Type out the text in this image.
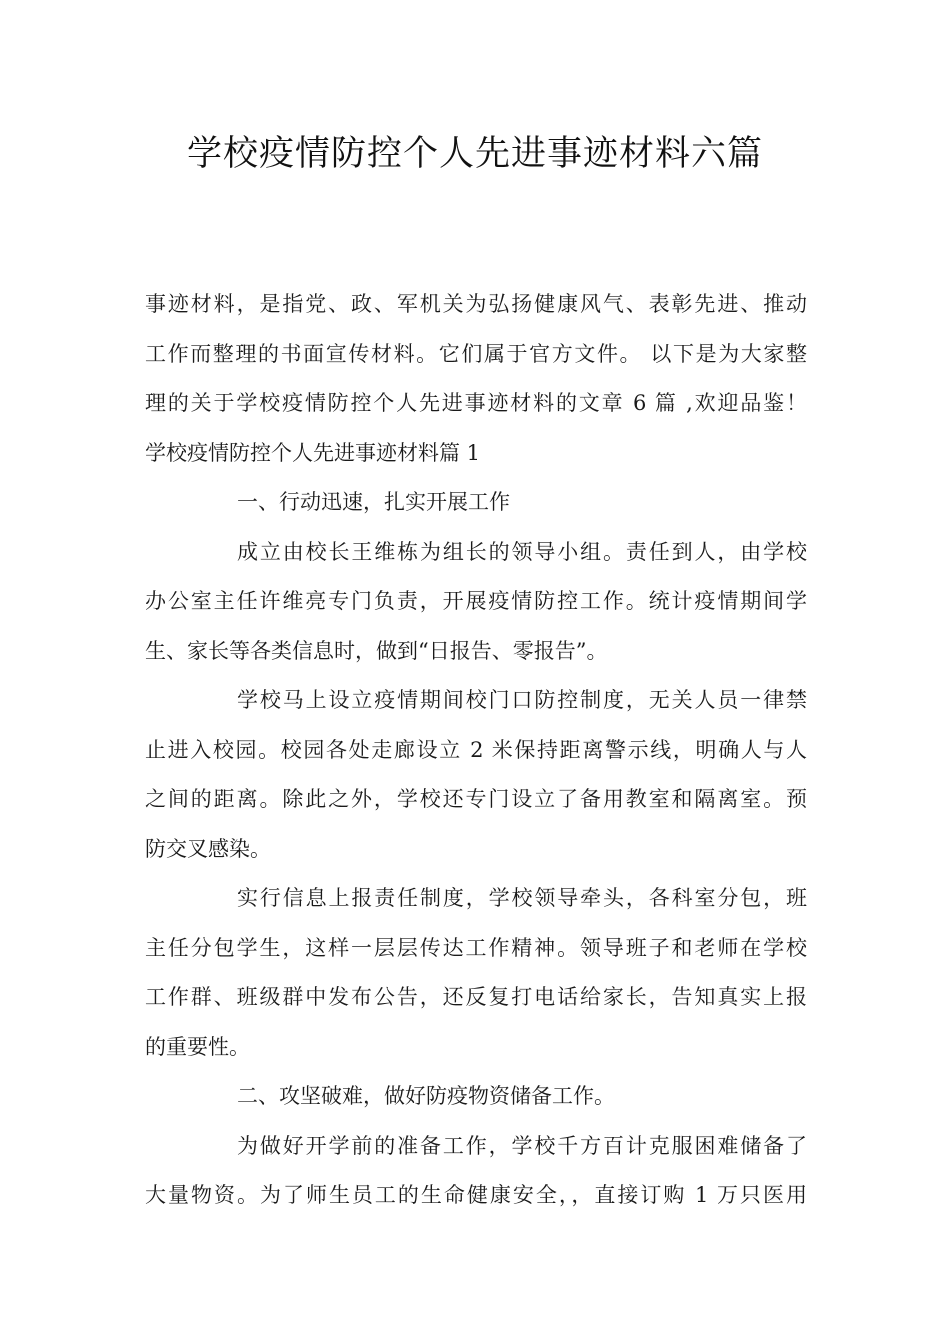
学校疫情防控个人先进事迹材料六篇
事迹材料，是指党、政、军机关为弘扬健康风气、表彰先进、推动
工作而整理的书面宣传材料。它们属于官方文件。 以下是为大家整
理的关于学校疫情防控个人先进事迹材料的文章 6 篇 ,欢迎品鉴！
学校疫情防控个人先进事迹材料篇 1
一、行动迅速，扎实开展工作
成立由校长王维栋为组长的领导小组。责任到人，由学校
办公室主任许维亮专门负责，开展疫情防控工作。统计疫情期间学
生、家长等各类信息时，做到“日报告、零报告”。
学校马上设立疫情期间校门口防控制度，无关人员一律禁
止进入校园。校园各处走廊设立 2 米保持距离警示线，明确人与人
之间的距离。除此之外，学校还专门设立了备用教室和隔离室。预
防交叉感染。
实行信息上报责任制度，学校领导牵头，各科室分包，班
主任分包学生，这样一层层传达工作精神。领导班子和老师在学校
工作群、班级群中发布公告，还反复打电话给家长，告知真实上报
的重要性。
二、攻坚破难，做好防疫物资储备工作。
为做好开学前的准备工作，学校千方百计克服困难储备了
大量物资。为了师生员工的生命健康安全，，直接订购 1 万只医用
